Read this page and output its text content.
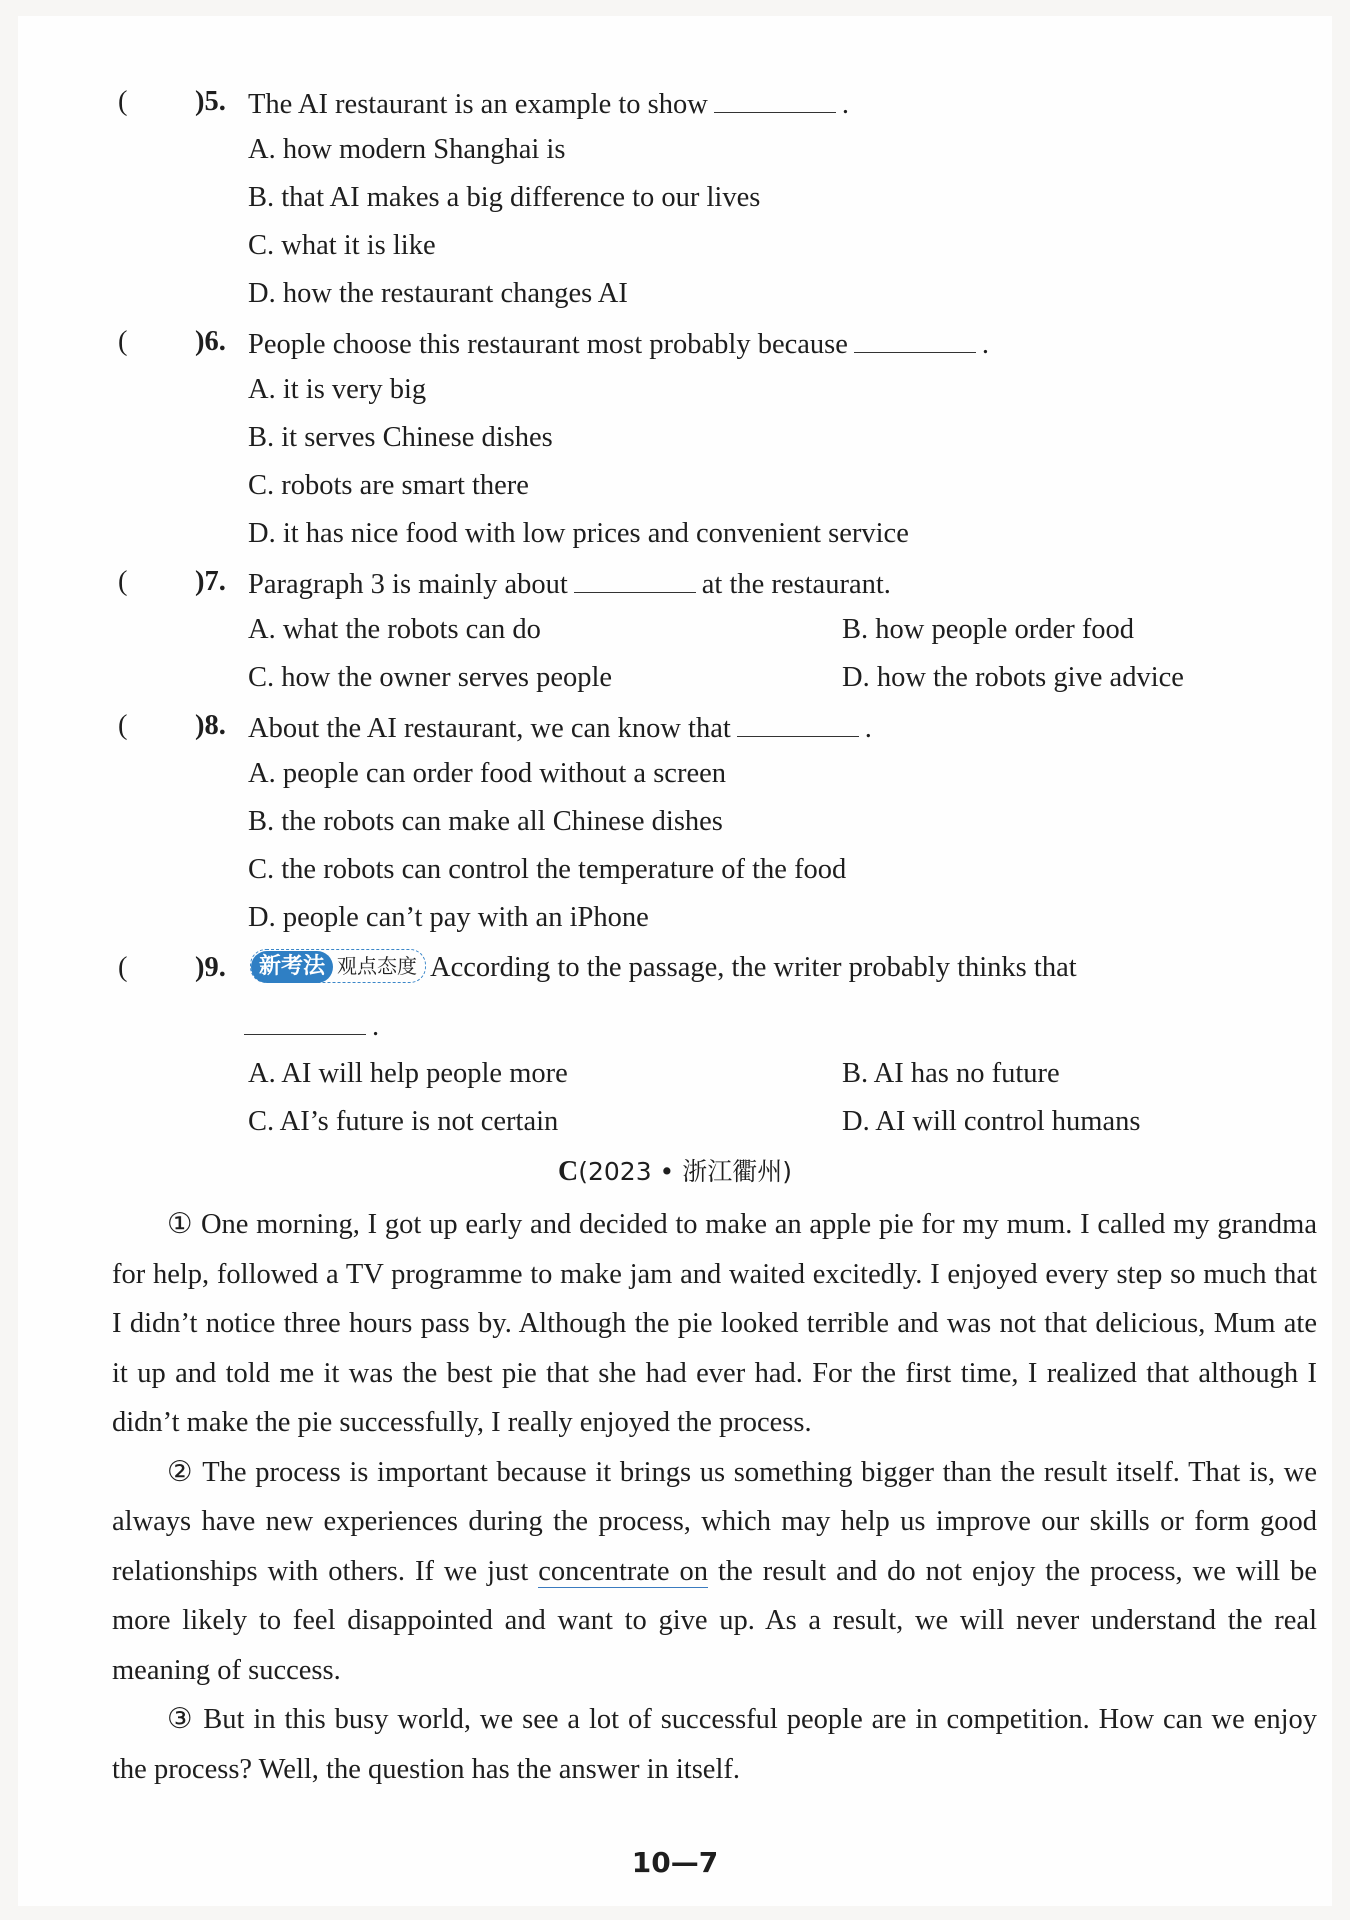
( )5. The AI restaurant is an example to show	.
A. how modern Shanghai is
B. that AI makes a big difference to our lives
C. what it is like
D. how the restaurant changes AI
( )6. People choose this restaurant most probably because	.
A. it is very big
B. it serves Chinese dishes
C. robots are smart there
D. it has nice food with low prices and convenient service
( )7. Paragraph 3 is mainly about	at the restaurant.
A. what the robots can do	B. how people order food
C. how the owner serves people	D. how the robots give advice
( )8. About the AI restaurant, we can know that	.
A. people can order food without a screen
B. the robots can make all Chinese dishes
C. the robots can control the temperature of the food
D. people can’t pay with an iPhone
( )9.	新考法 观点态度 According to the passage, the writer probably thinks that
.
A. AI will help people more	B. AI has no future
C. AI’s future is not certain	D. AI will control humans
C(2023 • 浙江衢州)

① One morning, I got up early and decided to make an apple pie for my mum. I called my grandma for help, followed a TV programme to make jam and waited excitedly. I enjoyed every step so much that I didn’t notice three hours pass by. Although the pie looked terrible and was not that delicious, Mum ate it up and told me it was the best pie that she had ever had. For the first time, I realized that although I didn’t make the pie successfully, I really enjoyed the process.

② The process is important because it brings us something bigger than the result itself. That is, we always have new experiences during the process, which may help us improve our skills or form good relationships with others. If we just concentrate on the result and do not enjoy the process, we will be more likely to feel disappointed and want to give up. As a result, we will never understand the real meaning of success.

③ But in this busy world, we see a lot of successful people are in competition. How can we enjoy the process? Well, the question has the answer in itself.

10—7
